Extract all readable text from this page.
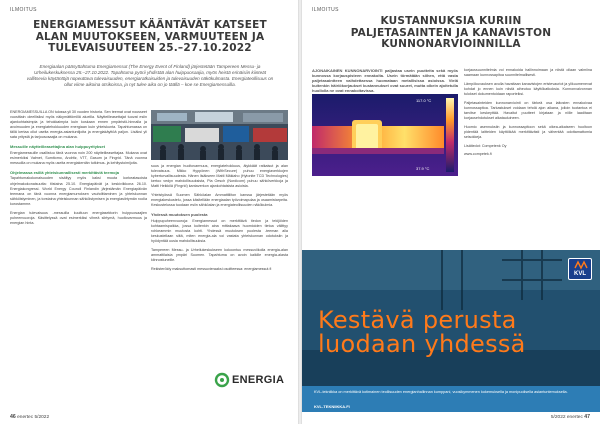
ILMOITUS
ENERGIAMESSUT KÄÄNTÄVÄT KATSEET ALAN MUUTOKSEEN, VARMUUTEEN JA TULEVAISUUTEEN 25.–27.10.2022
Energiaalan pääsyttahtuma Energiamessut (The Energy Event of Finland) järjestetään Tampereen Messu- ja Urheilukeskuksessa 25.–27.10.2022. Tapahtuma pyörii yhdistää alan huippuosaajia, myös heistä erinäisiin kiinteät vallitsevia käytäntöjä nopeuttava tulevaisuuden, energiaratkaisuiden ja tulevaisuuden näkökulmasta. Energiateollisuus on ollut viime aikoina otsikoissa, ja nyt tulee aika on jo täällä – koe se Energiamessuilla.

ENERGIAMESSUILLA ON tulossa yli 30 vuoden historia. Sen teemat ovat nousseet vuosittain oleellisiksi myös näkymättömillä alueilla. Näytteilleasettajat tuovat esiin ajankohtaisimpia ja tehokkaimpia kuin koskaan ennen ympäristö-hinnalla ja avoimuuden ja energiatehokkuuden energiaan kuin yhteiskunta. Tapahtumassa on tällä kertaa ollut useita energia-asiantuntijoita ja energiakäyttöä paljon. Lisäksi yli sata yritystä ja tarjousosaajia on mukana.

Messuille näytteilleasettajina alan huippuyritykset

Energiamessuille osallistuu tänä vuonna noin 200 näytteilleasettajaa. Mukana ovat esimerkiksi Valmet, Sumitomo, Andritz, VTT, Gasum ja Fingrid. Tänä vuonna messuilla on mukana myös useita energiakentän tutkimus- ja kehitystoimijoita.

Ohjelmassa esillä yhteiskunnallisesti merkittäviä teemoja

Tapahtumakokonaisuuden sisältyy myös kaksi muuta korkeatasoista ohjelmakokonaisuutta: tiistaina 25.10. Energiapäivät ja keskiviikkona 26.10. Energiakongressi. World Energy Council Finlandin järjestämän Energiapäivän teemana on tänä vuonna energiamurroksen vauhdittaminen ja yhteiskunnan sähköistyminen, ja torstaina yhteiskunnan sähköistymisen ja energiasiirtymän roolia korostamme.

Energian tulevaisuus -messuilla kuultuun energiasektorin huippuosaajien puheenvuoroja. Käsittelyssä ovat esimerkiksi vihreä siirtymä, huoltovarmuus ja energian hinta.

suus ja energian huoltovarmuus, energiatehokkuus, älykkäät ratkaisut ja alan tulevaisuus. Mikko Hyppönen (WithSecure) puhuu energiaverkkojen kyberturvallisuudesta. Hänen lisäkseen Matti Mäkiaho (Hytonite TCD Technologies) kertoo vedyn mahdollisuuksista, Pia Oesch (Nordicom) puhuu sähköverkkoja ja Matti Heikkilä (Fingrid) kantaverkon ajankohtaisista asioista.

Yhteistyössä Suomen Sähköalan Ammattiliiton kanssa järjestetään myös energiakeskustelu, jossa käsitellään energiaalan työvoimapulaa ja osaamistarpeita. Keskustelussa tuodaan esiin sähköalan ja energiateollisuuden näkökulmia.

Yhdessä muutoksen puolesta

Huippupuheenvuoroja: Energiamessut on merkittävä tiedon ja tekijöiden kohtaamispaikka, jossa kuitenkin aina mittakaava huomioiden tietoa välittyy rohkeammin muutosta kohti. Yhdessä muutoksen puolesta -teeman alla keskustellaan siitä, miten energia-ala voi vastata yhteiskunnan odotuksiin ja hyödyntää uusia mahdollisuuksia.

Tampereen Messu- ja Urheilukeskukseen kokoontuu messuviikolla energia-alan ammattilaisia ympäri Suomen. Tapahtuma on avoin kaikille energia-alasta kiinnostuneille.

Rekisteröidy maksuttomasti messuvieraaksi osoitteessa: energiamessut.fi

ENERGIA
46 enertec 5/2022
ILMOITUS
KUSTANNUKSIA KURIIN PALJETASAINTEN JA KANAVISTON KUNNONARVIOINNILLA

AJONAIKAINEN KUNNONARVIOINTI paljastaa usein puutteita sekä myös kunnossa korjauspisteen ennakolta. Usein törmätään siihen, että vasta paljetasaintteen vaihdettaessa huomataan metallisissa asioissa. Vielä kuitenkin häiriökorjaukset kustannukset ovat suuret, mutta oikein ajoitetulla huollolla ne ovat ennakoitavissa.

117.0 °C
37.9 °C

korjaussuunnitelmia voi ennakoida hallinnoimaan ja niistä ollaan valmiina saamaan kunnossapitoa suunnitelmallisesti.

Lämpökuvauksen avulla havaitaan kanavistojen eristevauriot ja ylikuumenevat kohdat jo ennen kuin niistä aiheutuu käyttökatkoksia. Kunnonvalvonnan tulokset dokumentoidaan raporteiksi.

Paljetasainteiden kunnonarviointi on tärkeä osa laitosten ennakoivaa kunnossapitoa. Tarkastukset voidaan tehdä ajon aikana, jolloin tuotantoa ei tarvitse keskeyttää. Havaitut puutteet kirjataan ja niille laaditaan korjausehdotukset aikatauluineen.

Huomio asennuksiin ja kunnossapitoon sekä oikea-aikaiseen huoltoon pidentää laitteiden käyttöikää merkittävästi ja vähentää odottamattomia seisokkeja.

Lisätiedot: Competenk Oy

www.competek.fi

5/2022 enertec 47
KVL
Kestävä perusta
luodaan yhdessä
KVL-tekniikka on merkittävä kotimainen teollisuuden energianhallinnan kumppani, vuosikymmenen kokemuksella ja monipuolisella asiantuntemuksella.
KVL-TEKNIIKKA.FI
